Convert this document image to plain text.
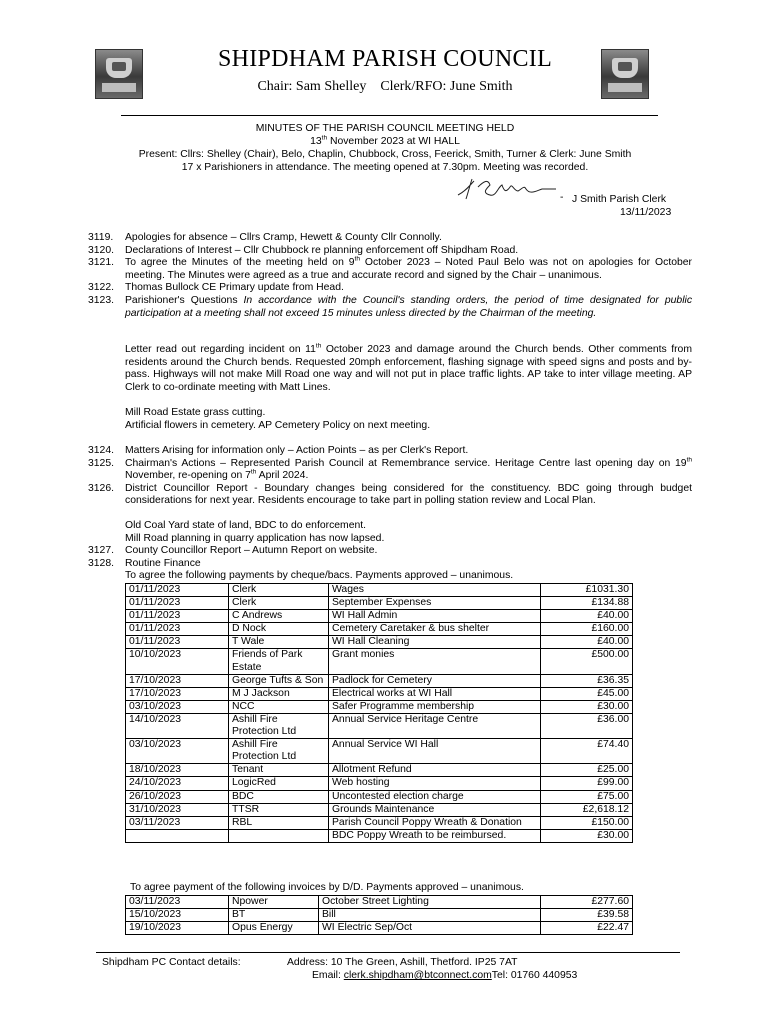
SHIPDHAM PARISH COUNCIL
Chair: Sam Shelley    Clerk/RFO: June Smith
MINUTES OF THE PARISH COUNCIL MEETING HELD
13th November 2023 at WI HALL
Present: Cllrs: Shelley (Chair), Belo, Chaplin, Chubbock, Cross, Feerick, Smith, Turner & Clerk: June Smith
17 x Parishioners in attendance. The meeting opened at 7.30pm. Meeting was recorded.
- J Smith Parish Clerk
13/11/2023
3119.	Apologies for absence – Cllrs Cramp, Hewett & County Cllr Connolly.
3120.	Declarations of Interest – Cllr Chubbock re planning enforcement off Shipdham Road.
3121.	To agree the Minutes of the meeting held on 9th October 2023 – Noted Paul Belo was not on apologies for October meeting. The Minutes were agreed as a true and accurate record and signed by the Chair – unanimous.
3122.	Thomas Bullock CE Primary update from Head.
3123.	Parishioner's Questions In accordance with the Council's standing orders, the period of time designated for public participation at a meeting shall not exceed 15 minutes unless directed by the Chairman of the meeting.
Letter read out regarding incident on 11th October 2023 and damage around the Church bends. Other comments from residents around the Church bends. Requested 20mph enforcement, flashing signage with speed signs and posts and by-pass. Highways will not make Mill Road one way and will not put in place traffic lights. AP take to inter village meeting. AP Clerk to co-ordinate meeting with Matt Lines.
Mill Road Estate grass cutting.
Artificial flowers in cemetery. AP Cemetery Policy on next meeting.
3124.	Matters Arising for information only – Action Points – as per Clerk's Report.
3125.	Chairman's Actions – Represented Parish Council at Remembrance service. Heritage Centre last opening day on 19th November, re-opening on 7th April 2024.
3126.	District Councillor Report - Boundary changes being considered for the constituency. BDC going through budget considerations for next year. Residents encourage to take part in polling station review and Local Plan.
Old Coal Yard state of land, BDC to do enforcement.
Mill Road planning in quarry application has now lapsed.
3127.	County Councillor Report – Autumn Report on website.
3128.	Routine Finance
To agree the following payments by cheque/bacs. Payments approved – unanimous.
01/11/2023	Clerk	Wages	£1031.30
01/11/2023	Clerk	September Expenses	£134.88
01/11/2023	C Andrews	WI Hall Admin	£40.00
01/11/2023	D Nock	Cemetery Caretaker & bus shelter	£160.00
01/11/2023	T Wale	WI Hall Cleaning	£40.00
10/10/2023	Friends of Park Estate	Grant monies	£500.00
17/10/2023	George Tufts & Son	Padlock for Cemetery	£36.35
17/10/2023	M J Jackson	Electrical works at WI Hall	£45.00
03/10/2023	NCC	Safer Programme membership	£30.00
14/10/2023	Ashill Fire Protection Ltd	Annual Service Heritage Centre	£36.00
03/10/2023	Ashill Fire Protection Ltd	Annual Service WI Hall	£74.40
18/10/2023	Tenant	Allotment Refund	£25.00
24/10/2023	LogicRed	Web hosting	£99.00
26/10/2023	BDC	Uncontested election charge	£75.00
31/10/2023	TTSR	Grounds Maintenance	£2,618.12
03/11/2023	RBL	Parish Council Poppy Wreath & Donation	£150.00
		BDC Poppy Wreath to be reimbursed.	£30.00
To agree payment of the following invoices by D/D. Payments approved – unanimous.
03/11/2023	Npower	October Street Lighting	£277.60
15/10/2023	BT	Bill	£39.58
19/10/2023	Opus Energy	WI Electric Sep/Oct	£22.47
Shipdham PC Contact details:	Address: 10 The Green, Ashill, Thetford. IP25 7AT
Email: clerk.shipdham@btconnect.comTel: 01760 440953
